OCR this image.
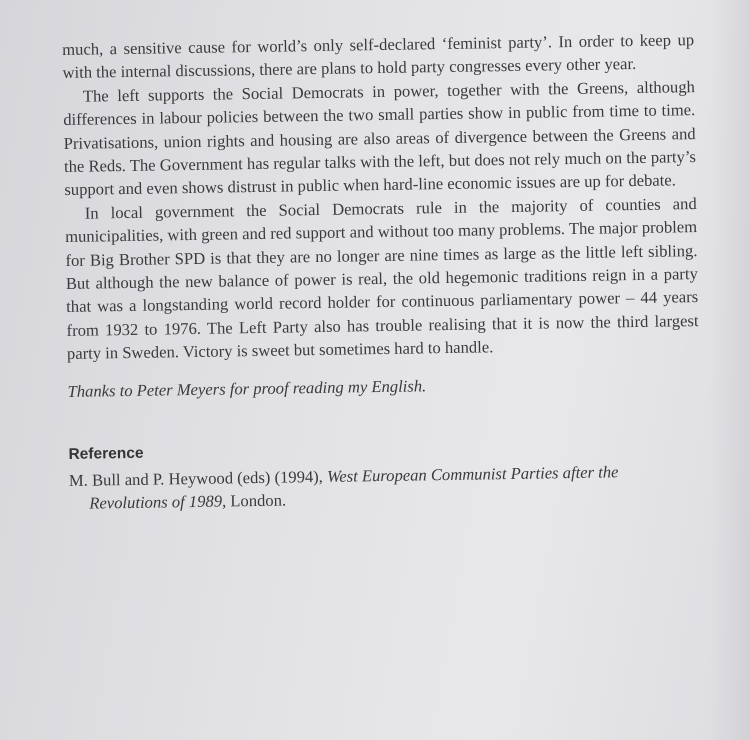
much, a sensitive cause for world’s only self-declared ‘feminist party’. In order to keep up with the internal discussions, there are plans to hold party congresses every other year.

The left supports the Social Democrats in power, together with the Greens, although differences in labour policies between the two small parties show in public from time to time. Privatisations, union rights and housing are also areas of divergence between the Greens and the Reds. The Government has regular talks with the left, but does not rely much on the party’s support and even shows distrust in public when hard-line economic issues are up for debate.

In local government the Social Democrats rule in the majority of counties and municipalities, with green and red support and without too many problems. The major problem for Big Brother SPD is that they are no longer are nine times as large as the little left sibling. But although the new balance of power is real, the old hegemonic traditions reign in a party that was a longstanding world record holder for continuous parliamentary power – 44 years from 1932 to 1976. The Left Party also has trouble realising that it is now the third largest party in Sweden. Victory is sweet but sometimes hard to handle.

Thanks to Peter Meyers for proof reading my English.

Reference

M. Bull and P. Heywood (eds) (1994), West European Communist Parties after the Revolutions of 1989, London.
